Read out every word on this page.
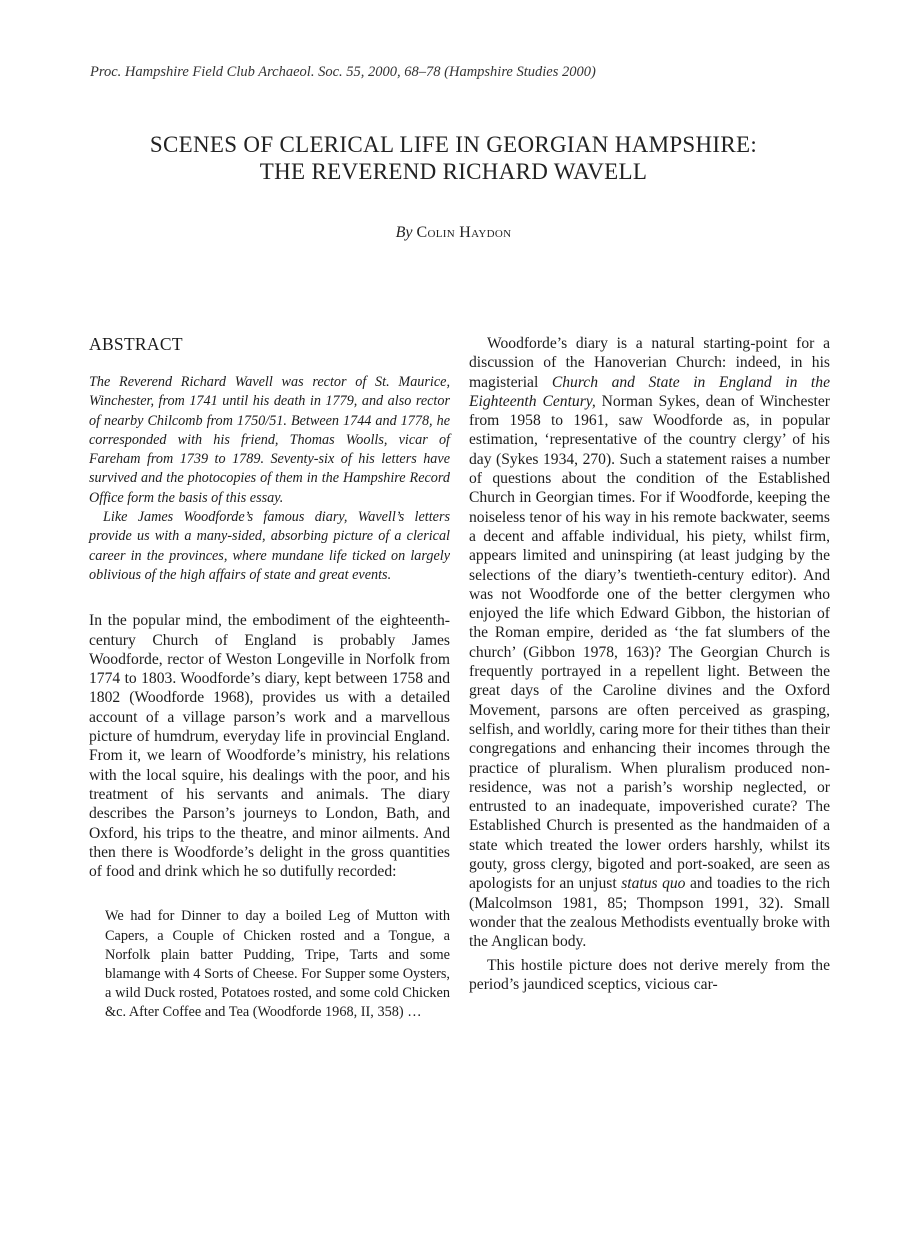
Proc. Hampshire Field Club Archaeol. Soc. 55, 2000, 68–78 (Hampshire Studies 2000)
SCENES OF CLERICAL LIFE IN GEORGIAN HAMPSHIRE:
THE REVEREND RICHARD WAVELL
By Colin Haydon
ABSTRACT

The Reverend Richard Wavell was rector of St. Maurice, Winchester, from 1741 until his death in 1779, and also rector of nearby Chilcomb from 1750/51. Between 1744 and 1778, he corresponded with his friend, Thomas Woolls, vicar of Fareham from 1739 to 1789. Seventy-six of his letters have survived and the photocopies of them in the Hampshire Record Office form the basis of this essay.

Like James Woodforde’s famous diary, Wavell’s letters provide us with a many-sided, absorbing picture of a clerical career in the provinces, where mundane life ticked on largely oblivious of the high affairs of state and great events.

In the popular mind, the embodiment of the eighteenth-century Church of England is probably James Woodforde, rector of Weston Longeville in Norfolk from 1774 to 1803. Woodforde’s diary, kept between 1758 and 1802 (Woodforde 1968), provides us with a detailed account of a village parson’s work and a marvellous picture of humdrum, everyday life in provincial England. From it, we learn of Woodforde’s ministry, his relations with the local squire, his dealings with the poor, and his treatment of his servants and animals. The diary describes the Parson’s journeys to London, Bath, and Oxford, his trips to the theatre, and minor ailments. And then there is Woodforde’s delight in the gross quantities of food and drink which he so dutifully recorded:

We had for Dinner to day a boiled Leg of Mutton with Capers, a Couple of Chicken rosted and a Tongue, a Norfolk plain batter Pudding, Tripe, Tarts and some blamange with 4 Sorts of Cheese. For Supper some Oysters, a wild Duck rosted, Potatoes rosted, and some cold Chicken &c. After Coffee and Tea (Woodforde 1968, II, 358) …

Woodforde’s diary is a natural starting-point for a discussion of the Hanoverian Church: indeed, in his magisterial Church and State in England in the Eighteenth Century, Norman Sykes, dean of Winchester from 1958 to 1961, saw Woodforde as, in popular estimation, ‘representative of the country clergy’ of his day (Sykes 1934, 270). Such a statement raises a number of questions about the condition of the Established Church in Georgian times. For if Woodforde, keeping the noiseless tenor of his way in his remote backwater, seems a decent and affable individual, his piety, whilst firm, appears limited and uninspiring (at least judging by the selections of the diary’s twentieth-century editor). And was not Woodforde one of the better clergymen who enjoyed the life which Edward Gibbon, the historian of the Roman empire, derided as ‘the fat slumbers of the church’ (Gibbon 1978, 163)? The Georgian Church is frequently portrayed in a repellent light. Between the great days of the Caroline divines and the Oxford Movement, parsons are often perceived as grasping, selfish, and worldly, caring more for their tithes than their congregations and enhancing their incomes through the practice of pluralism. When pluralism produced non-residence, was not a parish’s worship neglected, or entrusted to an inadequate, impoverished curate? The Established Church is presented as the handmaiden of a state which treated the lower orders harshly, whilst its gouty, gross clergy, bigoted and port-soaked, are seen as apologists for an unjust status quo and toadies to the rich (Malcolmson 1981, 85; Thompson 1991, 32). Small wonder that the zealous Methodists eventually broke with the Anglican body.

This hostile picture does not derive merely from the period’s jaundiced sceptics, vicious car-
